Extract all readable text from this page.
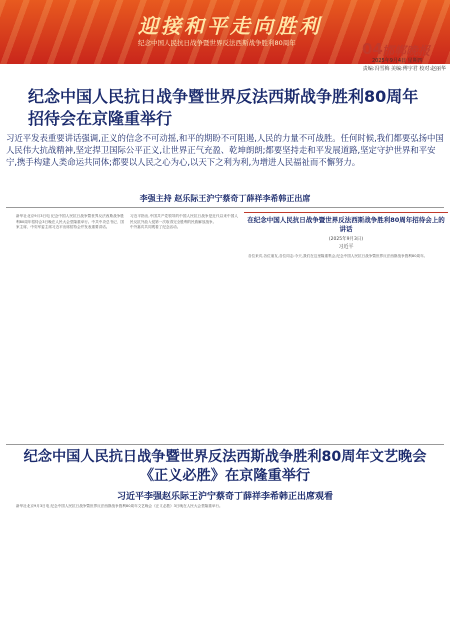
迎接和平走向胜利
纪念中国人民抗日战争暨世界反法西斯战争胜利80周年	04 邯郸晚报
2025年9月4日 星期四
责编:冯雪梅 美编:傅宇君 校对:赵丽华
纪念中国人民抗日战争暨世界反法西斯战争胜利80周年招待会在京隆重举行
习近平发表重要讲话强调,正义的信念不可动摇,和平的期盼不可阻遏,人民的力量不可战胜。任何时候,我们都要弘扬中国人民伟大抗战精神,坚定捍卫国际公平正义,让世界正气充盈、乾坤朗朗;都要坚持走和平发展道路,坚定守护世界和平安宁,携手构建人类命运共同体;都要以人民之心为心,以天下之利为利,为增进人民福祉而不懈努力。
李强主持 赵乐际王沪宁蔡奇丁薛祥李希韩正出席
新华社北京9月3日电 纪念中国人民抗日战争暨世界反法西斯战争胜利80周年招待会3日晚在人民大会堂隆重举行。中共中央总书记、国家主席、中央军委主席习近平出席招待会并发表重要讲话。
习近平指出,中国共产党领导的中国人民抗日战争是近代以来中国人民反抗外敌入侵第一次取得完全胜利的民族解放战争。
中外嘉宾共同观看了纪念活动。
在纪念中国人民抗日战争暨世界反法西斯战争胜利80周年招待会上的讲话
(2025年9月3日)
习近平
各位来宾,各位朋友,各位同志:今天,我们在这里隆重集会,纪念中国人民抗日战争暨世界反法西斯战争胜利80周年。
纪念中国人民抗日战争暨世界反法西斯战争胜利80周年文艺晚会《正义必胜》在京隆重举行
习近平李强赵乐际王沪宁蔡奇丁薛祥李希韩正出席观看
新华社北京9月3日电 纪念中国人民抗日战争暨世界反法西斯战争胜利80周年文艺晚会《正义必胜》3日晚在人民大会堂隆重举行。
